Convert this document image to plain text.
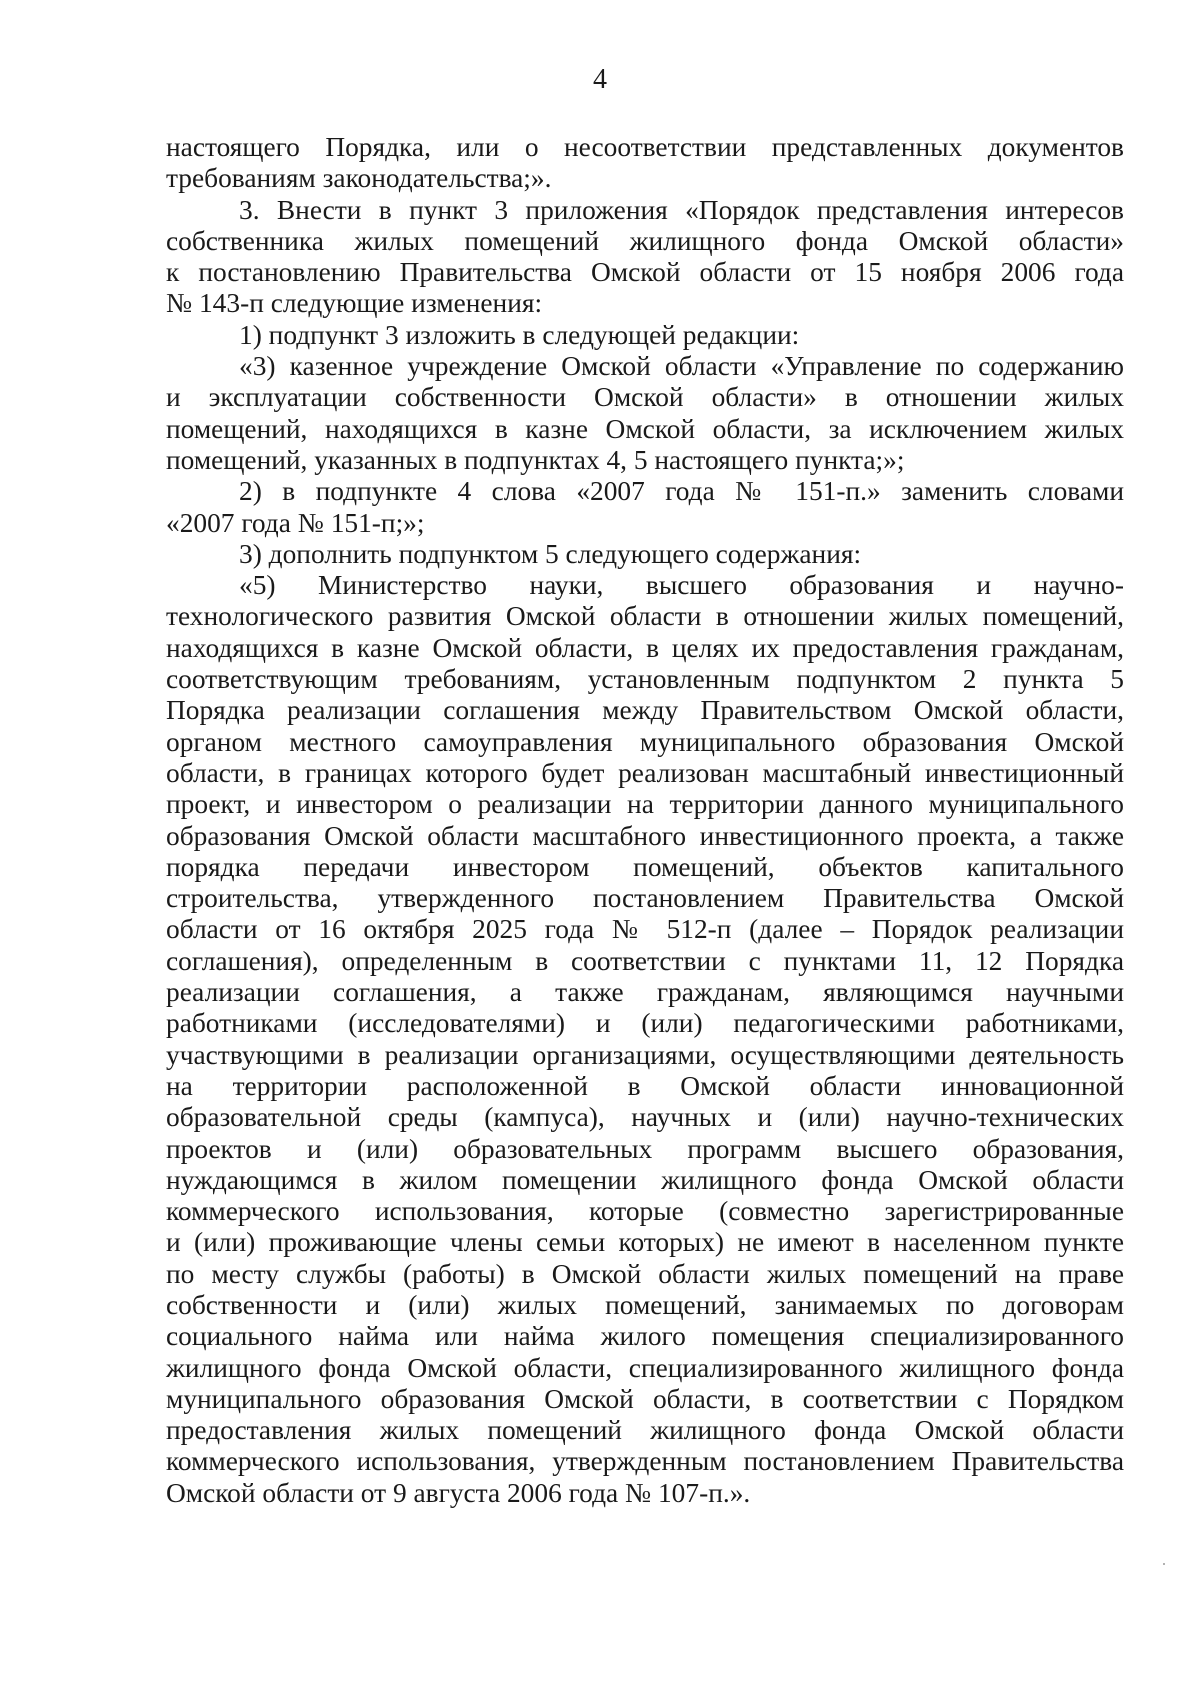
4
настоящего Порядка, или о несоответствии представленных документов
требованиям законодательства;».
3. Внести в пункт 3 приложения «Порядок представления интересов
собственника жилых помещений жилищного фонда Омской области»
к постановлению Правительства Омской области от 15 ноября 2006 года
№ 143-п следующие изменения:
1) подпункт 3 изложить в следующей редакции:
«3) казенное учреждение Омской области «Управление по содержанию
и эксплуатации собственности Омской области» в отношении жилых
помещений, находящихся в казне Омской области, за исключением жилых
помещений, указанных в подпунктах 4, 5 настоящего пункта;»;
2) в подпункте 4 слова «2007 года № 151-п.» заменить словами
«2007 года № 151-п;»;
3) дополнить подпунктом 5 следующего содержания:
«5) Министерство науки, высшего образования и научно-
технологического развития Омской области в отношении жилых помещений,
находящихся в казне Омской области, в целях их предоставления гражданам,
соответствующим требованиям, установленным подпунктом 2 пункта 5
Порядка реализации соглашения между Правительством Омской области,
органом местного самоуправления муниципального образования Омской
области, в границах которого будет реализован масштабный инвестиционный
проект, и инвестором о реализации на территории данного муниципального
образования Омской области масштабного инвестиционного проекта, а также
порядка передачи инвестором помещений, объектов капитального
строительства, утвержденного постановлением Правительства Омской
области от 16 октября 2025 года № 512-п (далее – Порядок реализации
соглашения), определенным в соответствии с пунктами 11, 12 Порядка
реализации соглашения, а также гражданам, являющимся научными
работниками (исследователями) и (или) педагогическими работниками,
участвующими в реализации организациями, осуществляющими деятельность
на территории расположенной в Омской области инновационной
образовательной среды (кампуса), научных и (или) научно-технических
проектов и (или) образовательных программ высшего образования,
нуждающимся в жилом помещении жилищного фонда Омской области
коммерческого использования, которые (совместно зарегистрированные
и (или) проживающие члены семьи которых) не имеют в населенном пункте
по месту службы (работы) в Омской области жилых помещений на праве
собственности и (или) жилых помещений, занимаемых по договорам
социального найма или найма жилого помещения специализированного
жилищного фонда Омской области, специализированного жилищного фонда
муниципального образования Омской области, в соответствии с Порядком
предоставления жилых помещений жилищного фонда Омской области
коммерческого использования, утвержденным постановлением Правительства
Омской области от 9 августа 2006 года № 107-п.».
